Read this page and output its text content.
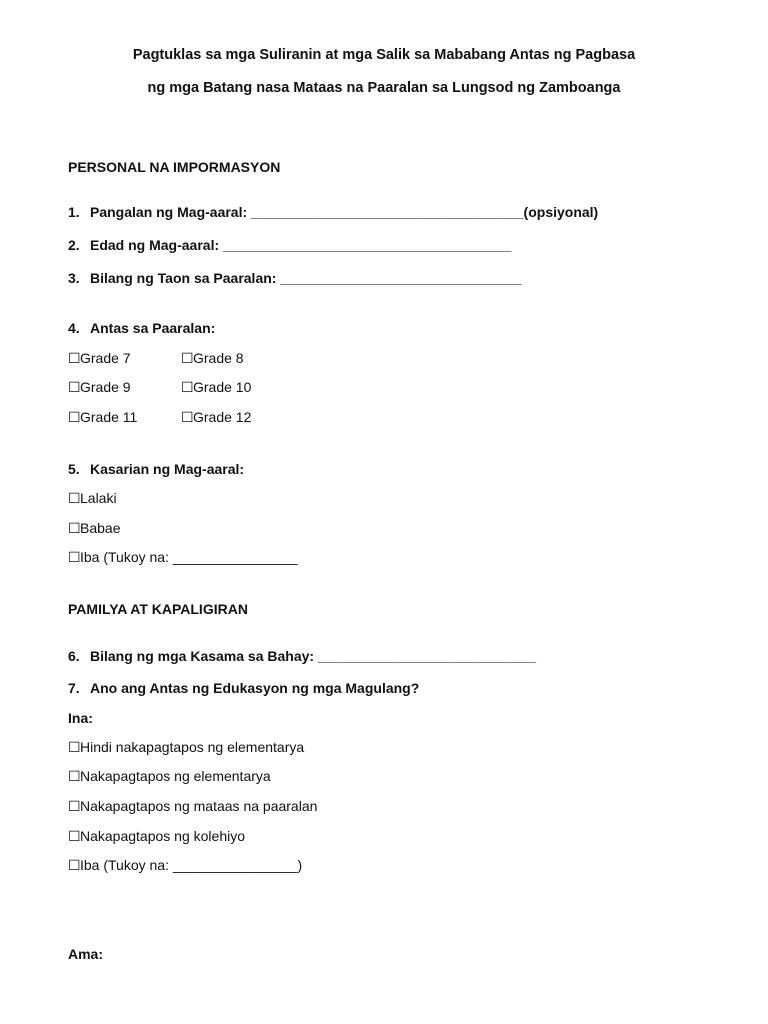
Pagtuklas sa mga Suliranin at mga Salik sa Mababang Antas ng Pagbasa
ng mga Batang nasa Mataas na Paaralan sa Lungsod ng Zamboanga
PERSONAL NA IMPORMASYON
1. Pangalan ng Mag-aaral: ___________________________________(opsiyonal)
2. Edad ng Mag-aaral: _____________________________________
3. Bilang ng Taon sa Paaralan: _______________________________
4. Antas sa Paaralan:
☐Grade 7	☐Grade 8
☐Grade 9	☐Grade 10
☐Grade 11	☐Grade 12
5. Kasarian ng Mag-aaral:
☐Lalaki
☐Babae
☐Iba (Tukoy na: ________________
PAMILYA AT KAPALIGIRAN
6. Bilang ng mga Kasama sa Bahay: ____________________________
7. Ano ang Antas ng Edukasyon ng mga Magulang?
Ina:
☐Hindi nakapagtapos ng elementarya
☐Nakapagtapos ng elementarya
☐Nakapagtapos ng mataas na paaralan
☐Nakapagtapos ng kolehiyo
☐Iba (Tukoy na: ________________)
Ama:
